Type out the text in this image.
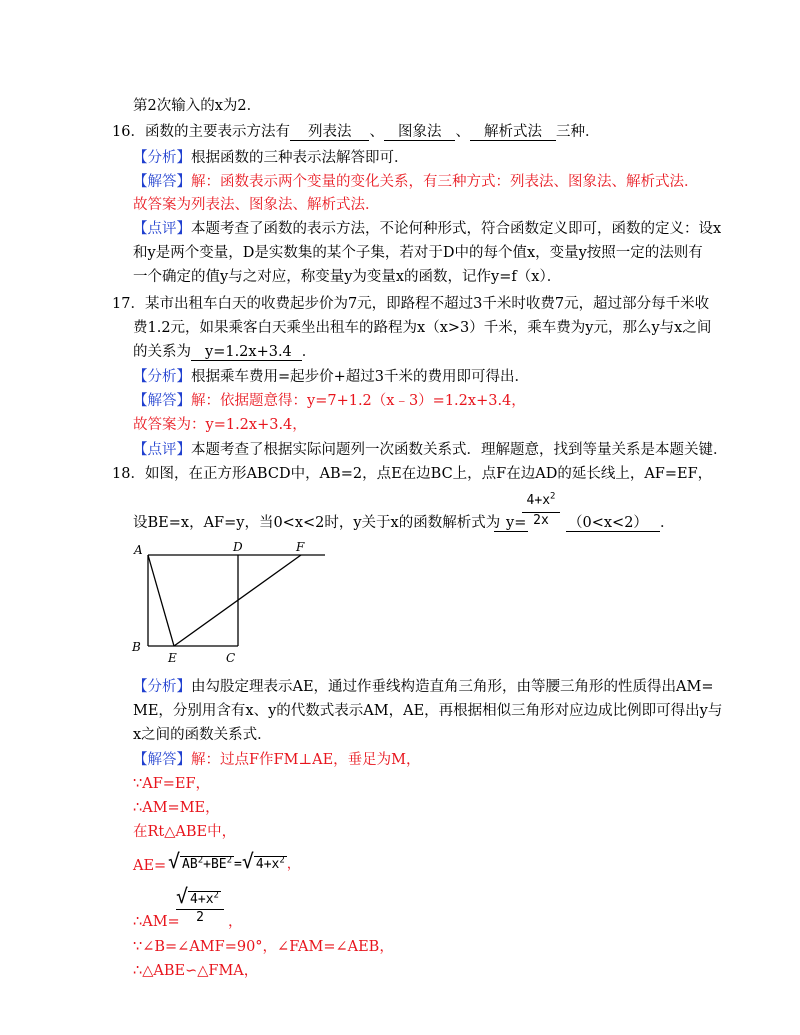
第2次输入的x为2．
16．函数的主要表示方法有 列表法 、 图象法 、 解析式法 三种．
【分析】根据函数的三种表示法解答即可．
【解答】解：函数表示两个变量的变化关系，有三种方式：列表法、图象法、解析式法．
故答案为列表法、图象法、解析式法．
【点评】本题考查了函数的表示方法，不论何种形式，符合函数定义即可，函数的定义：设x
和y是两个变量，D是实数集的某个子集，若对于D中的每个值x，变量y按照一定的法则有
一个确定的值y与之对应，称变量y为变量x的函数，记作y=f（x）．
17．某市出租车白天的收费起步价为7元，即路程不超过3千米时收费7元，超过部分每千米收
费1.2元，如果乘客白天乘坐出租车的路程为x（x>3）千米，乘车费为y元，那么y与x之间
的关系为 y=1.2x+3.4 ．
【分析】根据乘车费用=起步价+超过3千米的费用即可得出．
【解答】解：依据题意得：y=7+1.2（x﹣3）=1.2x+3.4，
故答案为：y=1.2x+3.4，
【点评】本题考查了根据实际问题列一次函数关系式．理解题意，找到等量关系是本题关键．
18．如图，在正方形ABCD中，AB=2，点E在边BC上，点F在边AD的延长线上，AF=EF，
设BE=x，AF=y，当0<x<2时，y关于x的函数解析式为 y=
$4+x^2$
2x	（0<x<2） ．
A	D	F
B
E	C
【分析】由勾股定理表示AE，通过作垂线构造直角三角形，由等腰三角形的性质得出AM=
ME，分别用含有x、y的代数式表示AM，AE，再根据相似三角形对应边成比例即可得出y与
x之间的函数关系式．
【解答】解：过点F作FM⊥AE，垂足为M，
∵AF=EF，
∴AM=ME，
在Rt△ABE中，
AE= √ $AB^2+BE^2$ =√ $4+x^2$ ，
∴AM=
√ $4+x^2$
2	，
∵∠B=∠AMF=90°，∠FAM=∠AEB，
∴△ABE∽△FMA，
